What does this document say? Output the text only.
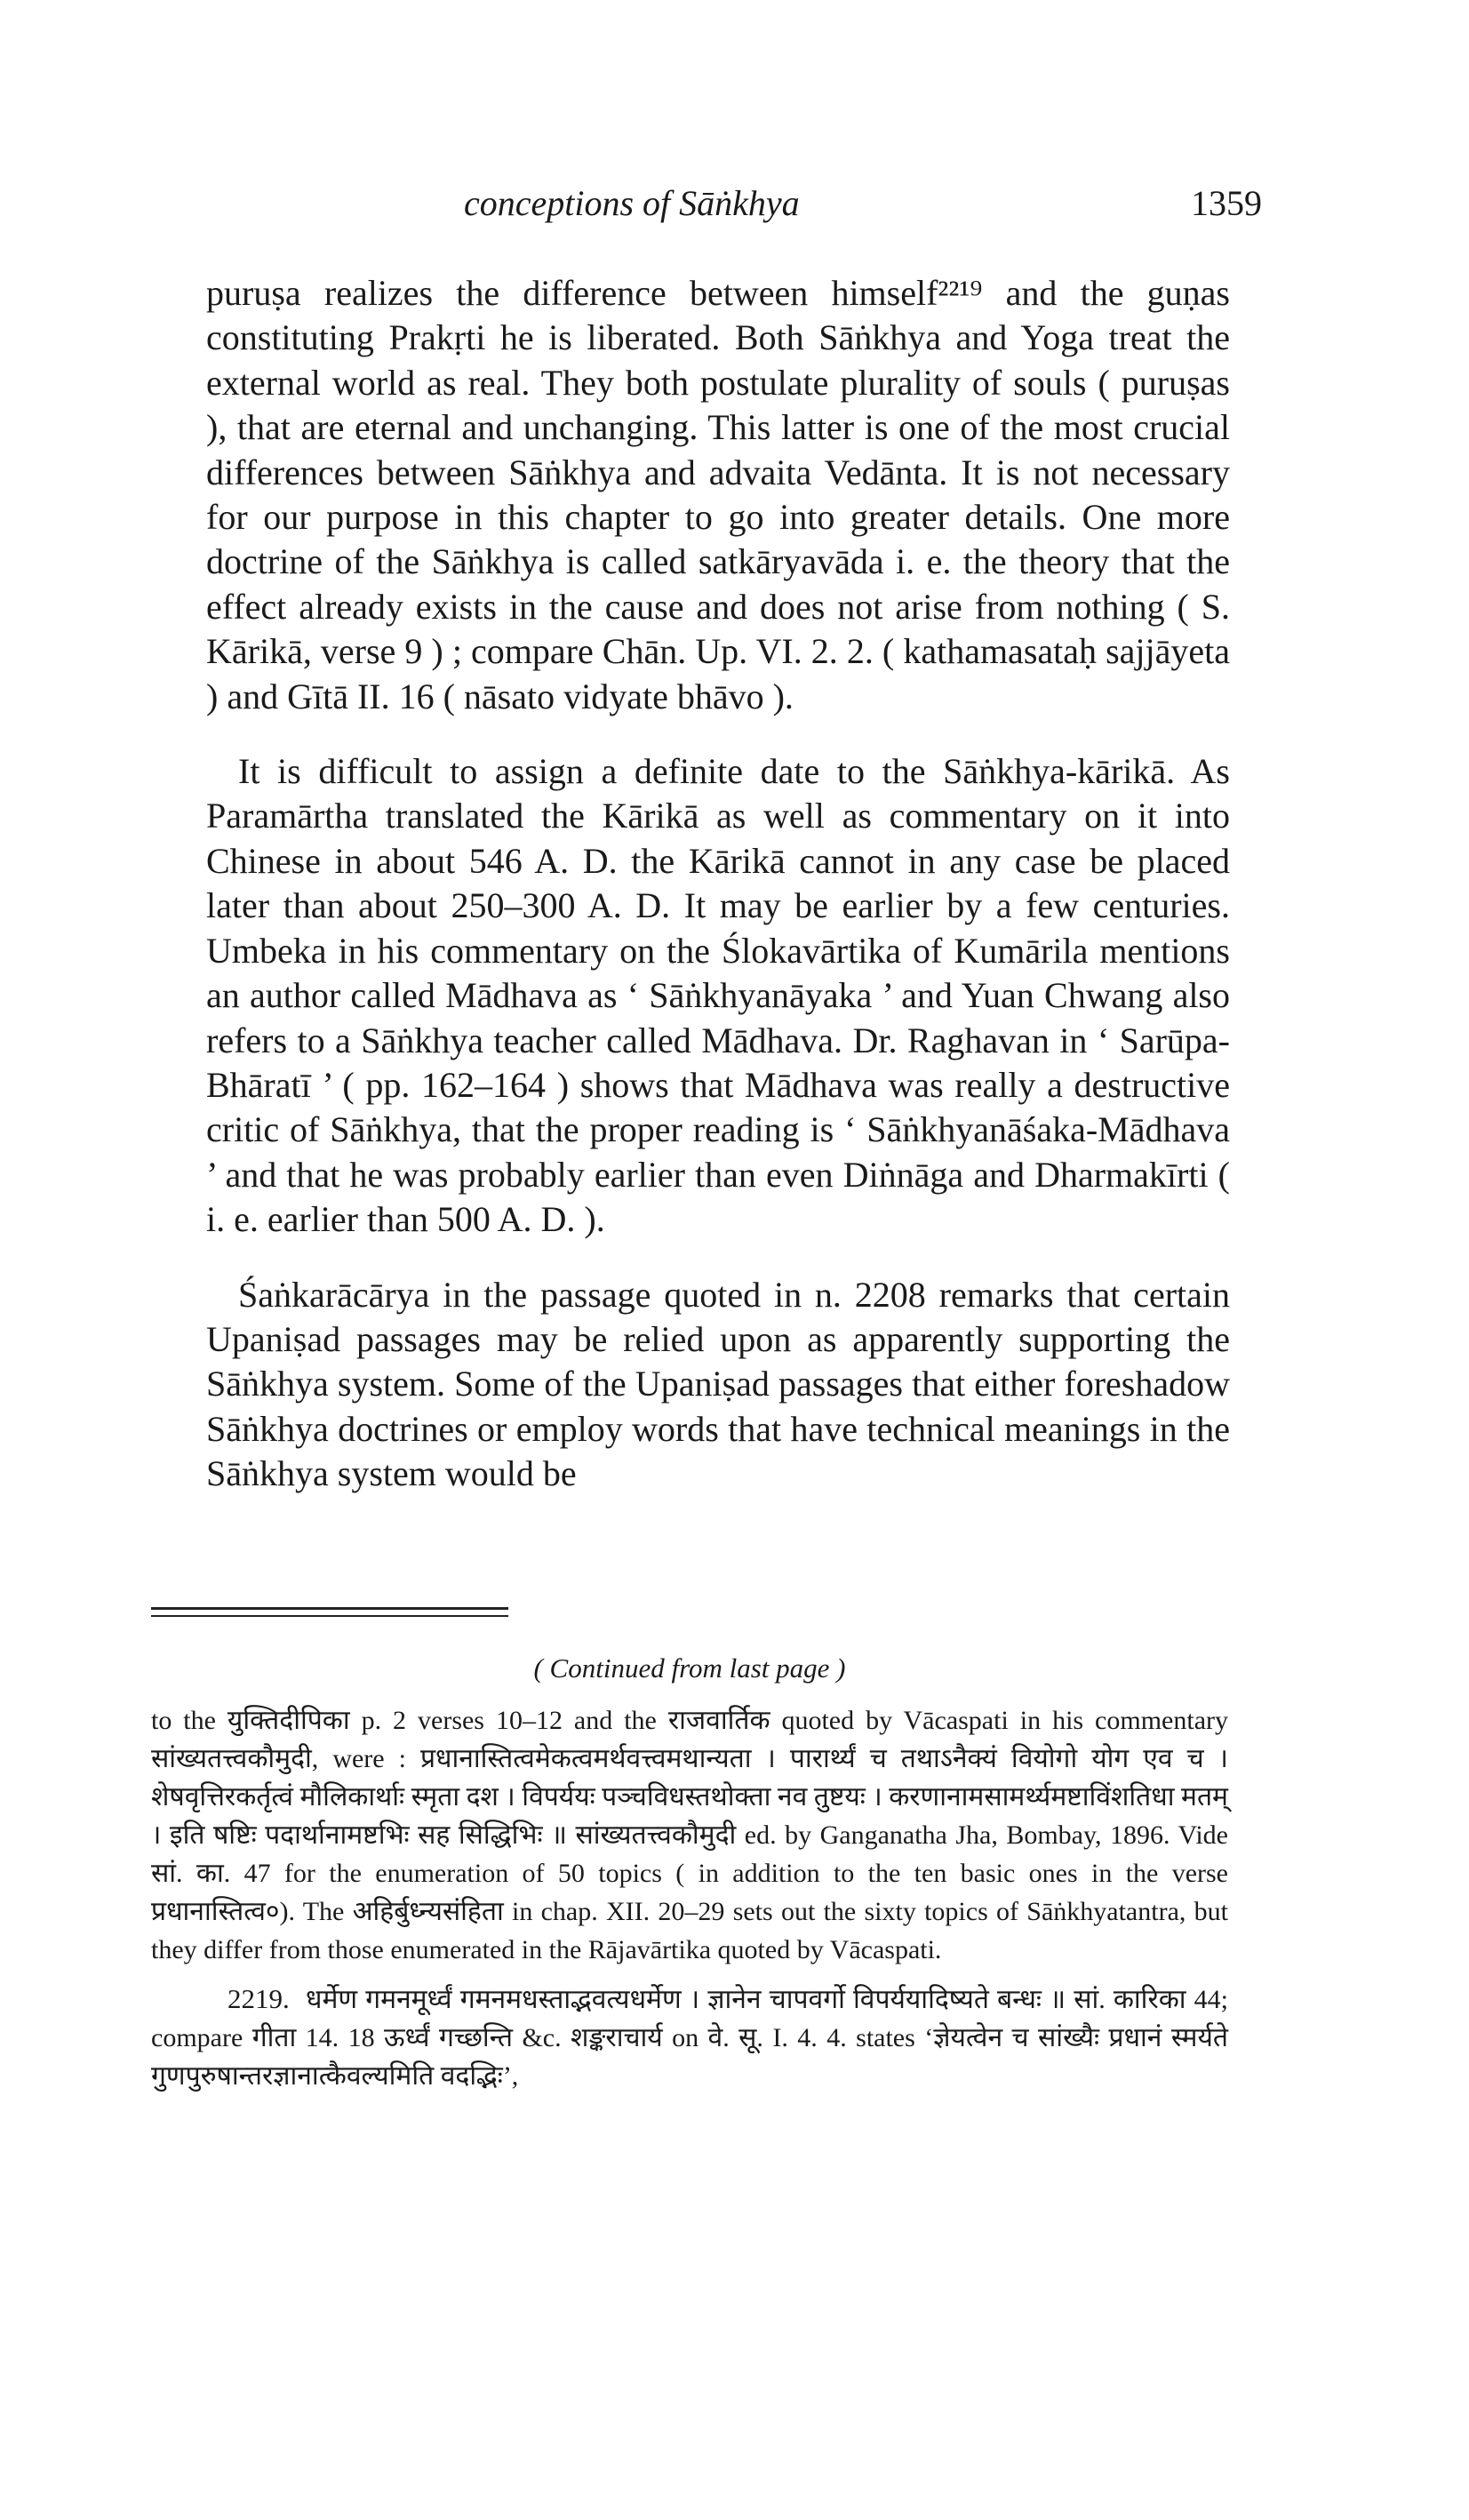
conceptions of Sāṅkhya	1359

puruṣa realizes the difference between himself²²¹⁹ and the guṇas constituting Prakṛti he is liberated. Both Sāṅkhya and Yoga treat the external world as real. They both postulate plurality of souls ( puruṣas ), that are eternal and unchanging. This latter is one of the most crucial differences between Sāṅkhya and advaita Vedānta. It is not necessary for our purpose in this chapter to go into greater details. One more doctrine of the Sāṅkhya is called satkāryavāda i. e. the theory that the effect already exists in the cause and does not arise from nothing ( S. Kārikā, verse 9 ) ; compare Chān. Up. VI. 2. 2. ( kathamasataḥ sajjāyeta ) and Gītā II. 16 ( nāsato vidyate bhāvo ).

It is difficult to assign a definite date to the Sāṅkhya-kārikā. As Paramārtha translated the Kārikā as well as commentary on it into Chinese in about 546 A. D. the Kārikā cannot in any case be placed later than about 250–300 A. D. It may be earlier by a few centuries. Umbeka in his commentary on the Ślokavārtika of Kumārila mentions an author called Mādhava as ‘ Sāṅkhyanāyaka ’ and Yuan Chwang also refers to a Sāṅkhya teacher called Mādhava. Dr. Raghavan in ‘ Sarūpa-Bhāratī ’ ( pp. 162–164 ) shows that Mādhava was really a destructive critic of Sāṅkhya, that the proper reading is ‘ Sāṅkhyanāśaka-Mādhava ’ and that he was probably earlier than even Diṅnāga and Dharmakīrti ( i. e. earlier than 500 A. D. ).

Śaṅkarācārya in the passage quoted in n. 2208 remarks that certain Upaniṣad passages may be relied upon as apparently supporting the Sāṅkhya system. Some of the Upaniṣad passages that either foreshadow Sāṅkhya doctrines or employ words that have technical meanings in the Sāṅkhya system would be

( Continued from last page )

to the युक्तिदीपिका p. 2 verses 10–12 and the राजवार्तिक quoted by Vācaspati in his commentary सांख्यतत्त्वकौमुदी, were : प्रधानास्तित्वमेकत्वमर्थवत्त्वमथान्यता । पारार्थ्यं च तथाऽनैक्यं वियोगो योग एव च । शेषवृत्तिरकर्तृत्वं मौलिकार्थाः स्मृता दश । विपर्ययः पञ्चविधस्तथोक्ता नव तुष्टयः । करणानामसामर्थ्यमष्टाविंशतिधा मतम् । इति षष्टिः पदार्थानामष्टभिः सह सिद्धिभिः ॥ सांख्यतत्त्वकौमुदी ed. by Ganganatha Jha, Bombay, 1896. Vide सां. का. 47 for the enumeration of 50 topics ( in addition to the ten basic ones in the verse प्रधानास्तित्व०). The अहिर्बुध्न्यसंहिता in chap. XII. 20–29 sets out the sixty topics of Sāṅkhyatantra, but they differ from those enumerated in the Rājavārtika quoted by Vācaspati.

2219. धर्मेण गमनमूर्ध्वं गमनमधस्ताद्भवत्यधर्मेण । ज्ञानेन चापवर्गो विपर्ययादिष्यते बन्धः ॥ सां. कारिका 44; compare गीता 14. 18 ऊर्ध्वं गच्छन्ति &c. शङ्कराचार्य on वे. सू. I. 4. 4. states ‘ज्ञेयत्वेन च सांख्यैः प्रधानं स्मर्यते गुणपुरुषान्तरज्ञानात्कैवल्यमिति वदद्भिः’,
